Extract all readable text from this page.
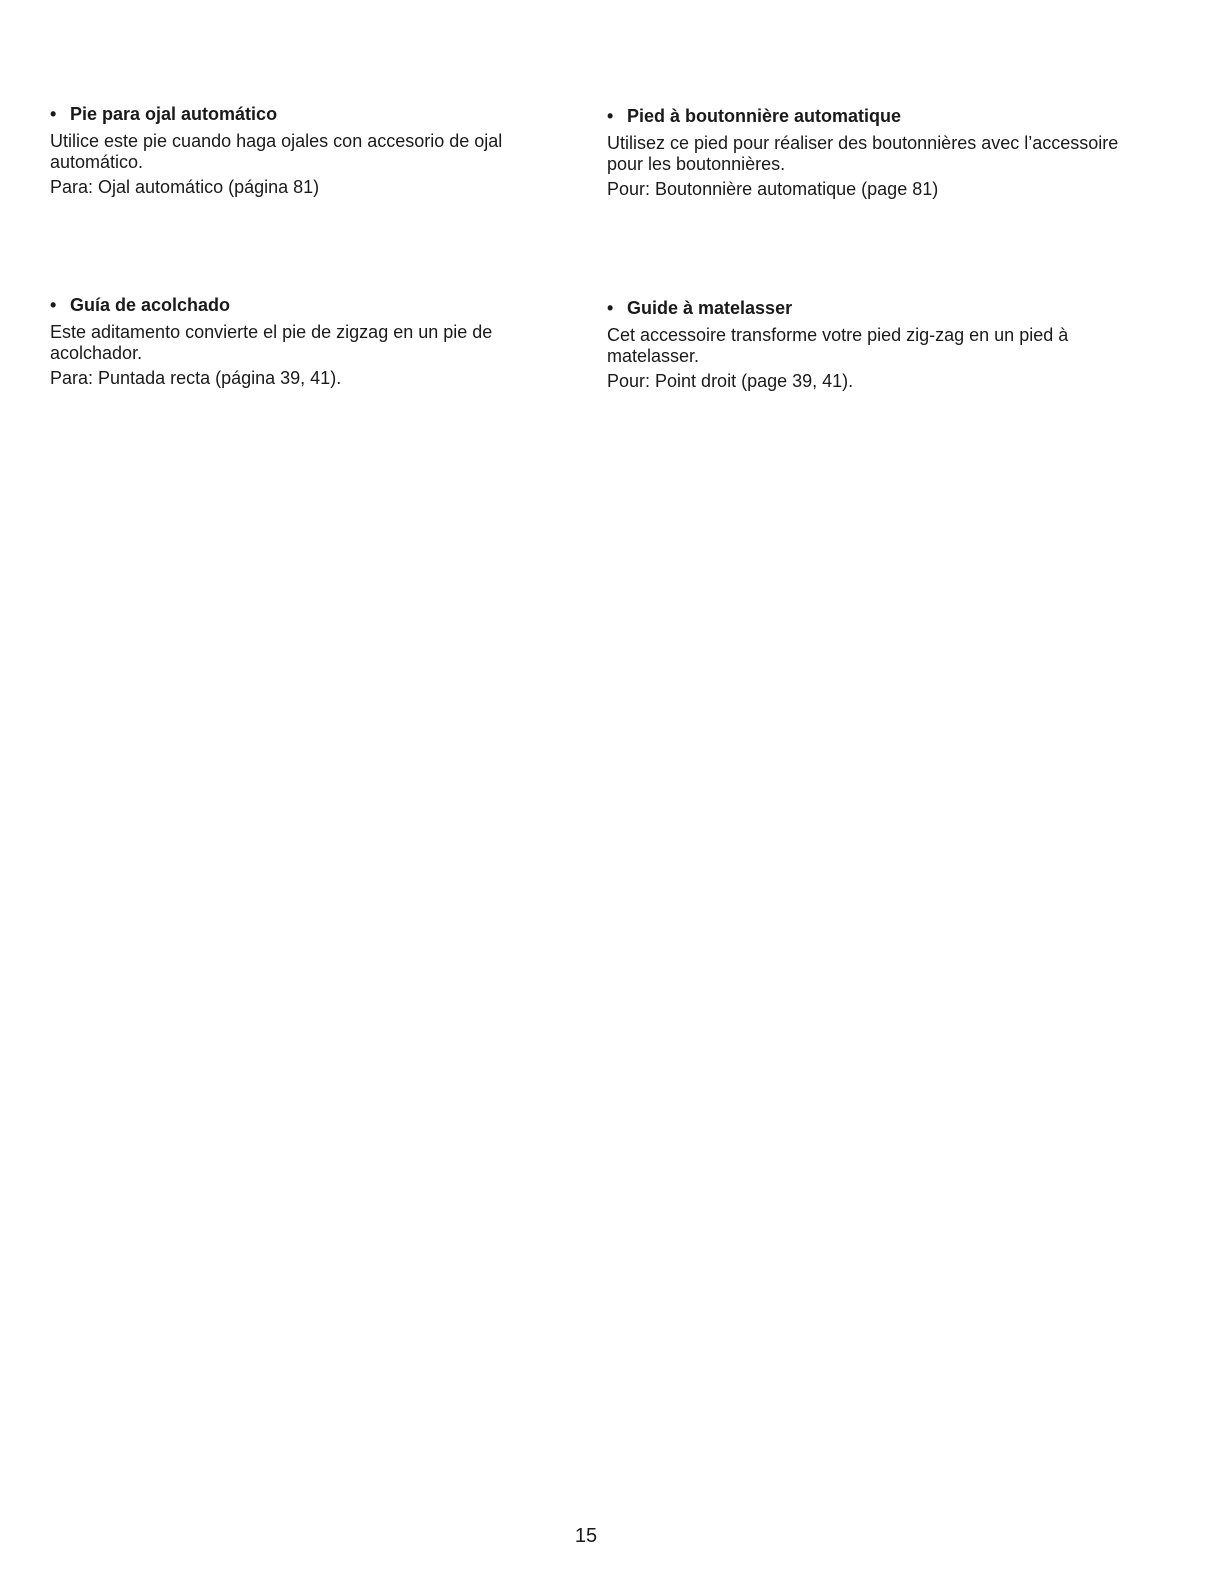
• Pie para ojal automático

Utilice este pie cuando haga ojales con accesorio de ojal automático.

Para: Ojal automático (página 81)

• Guía de acolchado

Este aditamento convierte el pie de zigzag en un pie de acolchador.

Para: Puntada recta (página 39, 41).

• Pied à boutonnière automatique

Utilisez ce pied pour réaliser des boutonnières avec l’accessoire pour les boutonnières.

Pour: Boutonnière automatique (page 81)

• Guide à matelasser

Cet accessoire transforme votre pied zig-zag en un pied à matelasser.

Pour: Point droit (page 39, 41).

15
